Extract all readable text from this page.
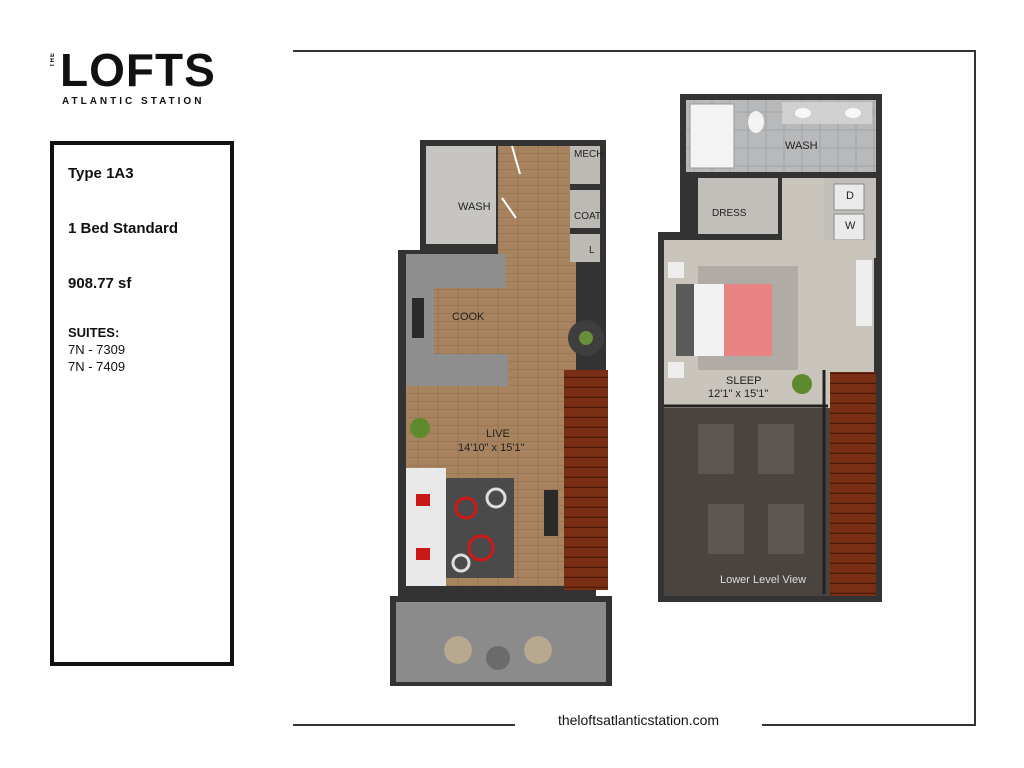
THE LOFTS
ATLANTIC STATION
Type 1A3
1 Bed Standard
908.77 sf
SUITES:
7N - 7309
7N - 7409
theloftsatlanticstation.com
MECH
COAT
L
WASH
COOK
LIVE
14'10" x 15'1"
WASH
DRESS
D
W
SLEEP
12'1" x 15'1"
Lower Level View
